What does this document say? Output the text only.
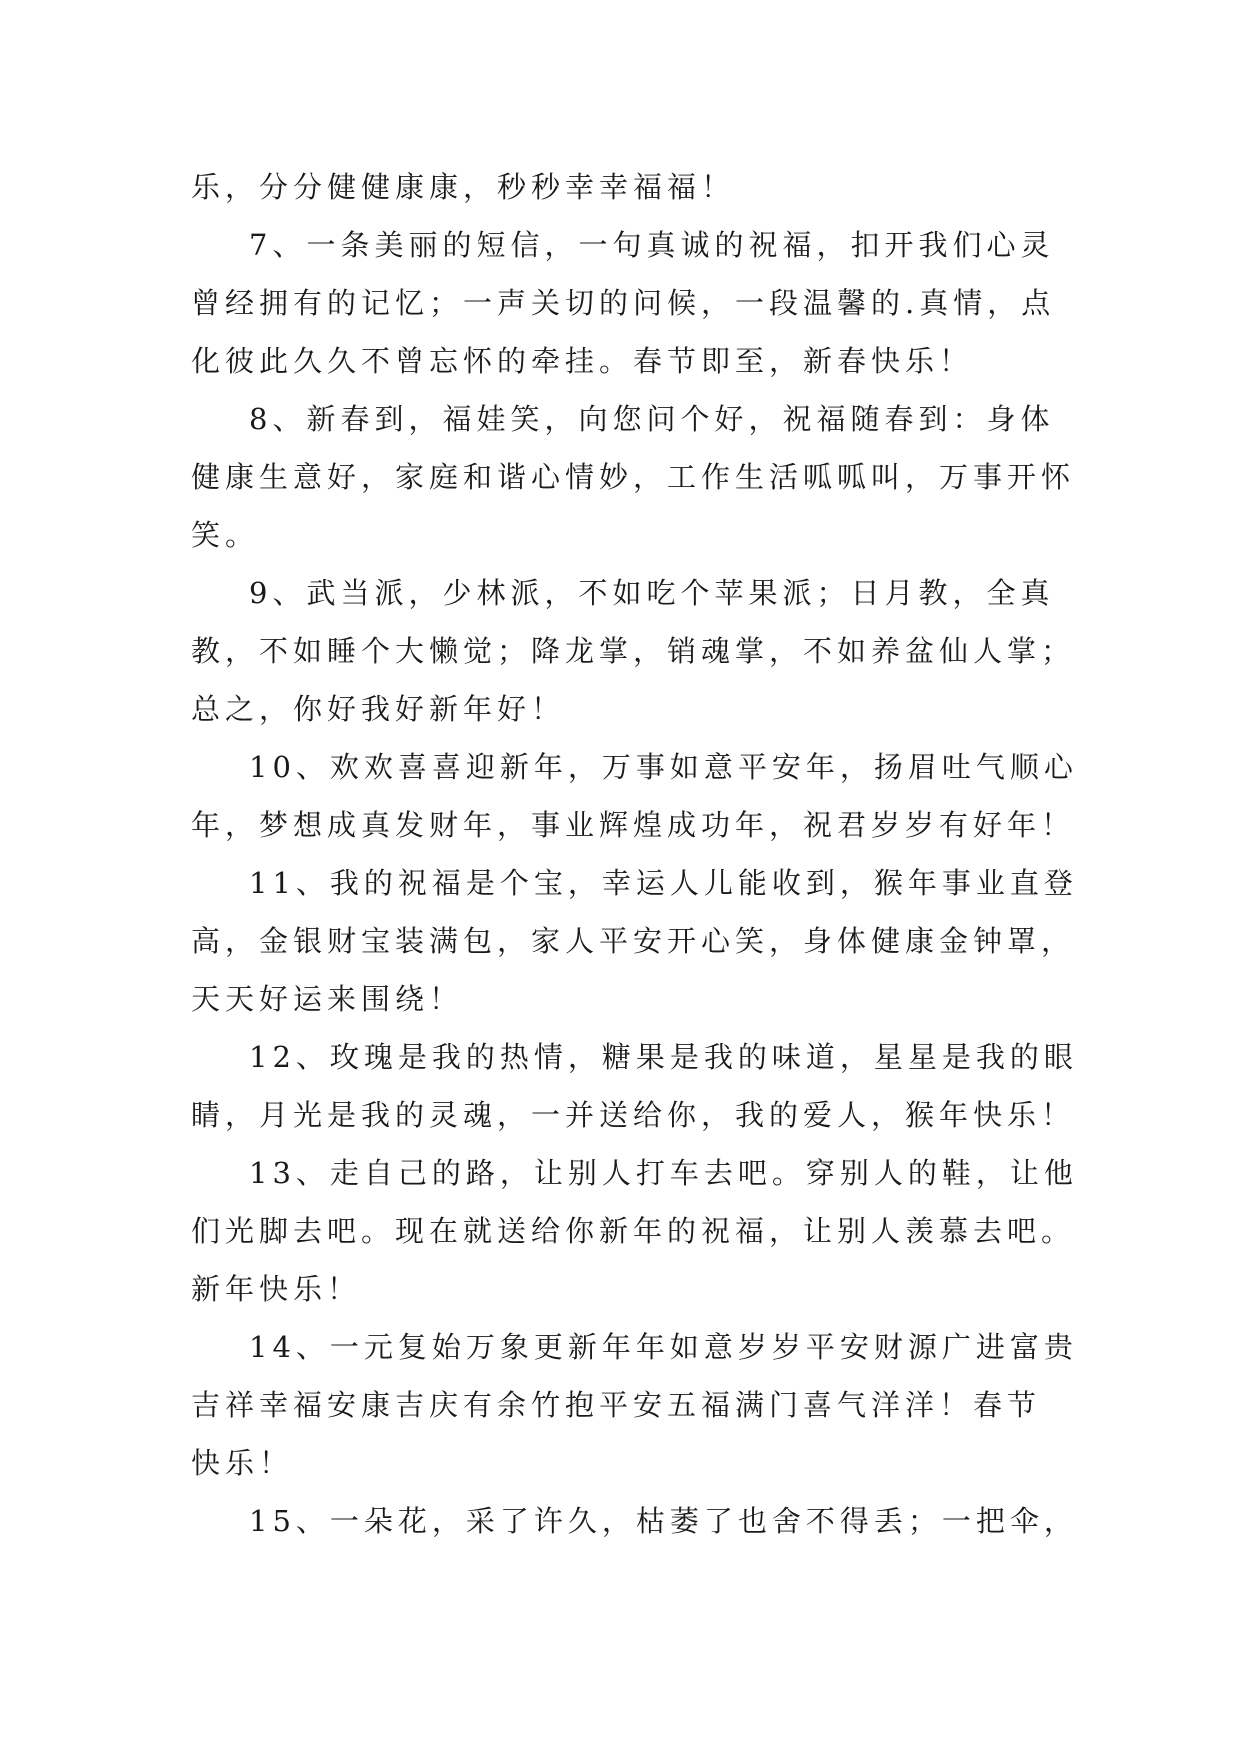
乐，分分健健康康，秒秒幸幸福福！
7、一条美丽的短信，一句真诚的祝福，扣开我们心灵
曾经拥有的记忆；一声关切的问候，一段温馨的.真情，点
化彼此久久不曾忘怀的牵挂。春节即至，新春快乐！
8、新春到，福娃笑，向您问个好，祝福随春到：身体
健康生意好，家庭和谐心情妙，工作生活呱呱叫，万事开怀
笑。
9、武当派，少林派，不如吃个苹果派；日月教，全真
教，不如睡个大懒觉；降龙掌，销魂掌，不如养盆仙人掌；
总之，你好我好新年好！
10、欢欢喜喜迎新年，万事如意平安年，扬眉吐气顺心
年，梦想成真发财年，事业辉煌成功年，祝君岁岁有好年！
11、我的祝福是个宝，幸运人儿能收到，猴年事业直登
高，金银财宝装满包，家人平安开心笑，身体健康金钟罩，
天天好运来围绕！
12、玫瑰是我的热情，糖果是我的味道，星星是我的眼
睛，月光是我的灵魂，一并送给你，我的爱人，猴年快乐！
13、走自己的路，让别人打车去吧。穿别人的鞋，让他
们光脚去吧。现在就送给你新年的祝福，让别人羡慕去吧。
新年快乐！
14、一元复始万象更新年年如意岁岁平安财源广进富贵
吉祥幸福安康吉庆有余竹抱平安五福满门喜气洋洋！春节
快乐！
15、一朵花，采了许久，枯萎了也舍不得丢；一把伞，
